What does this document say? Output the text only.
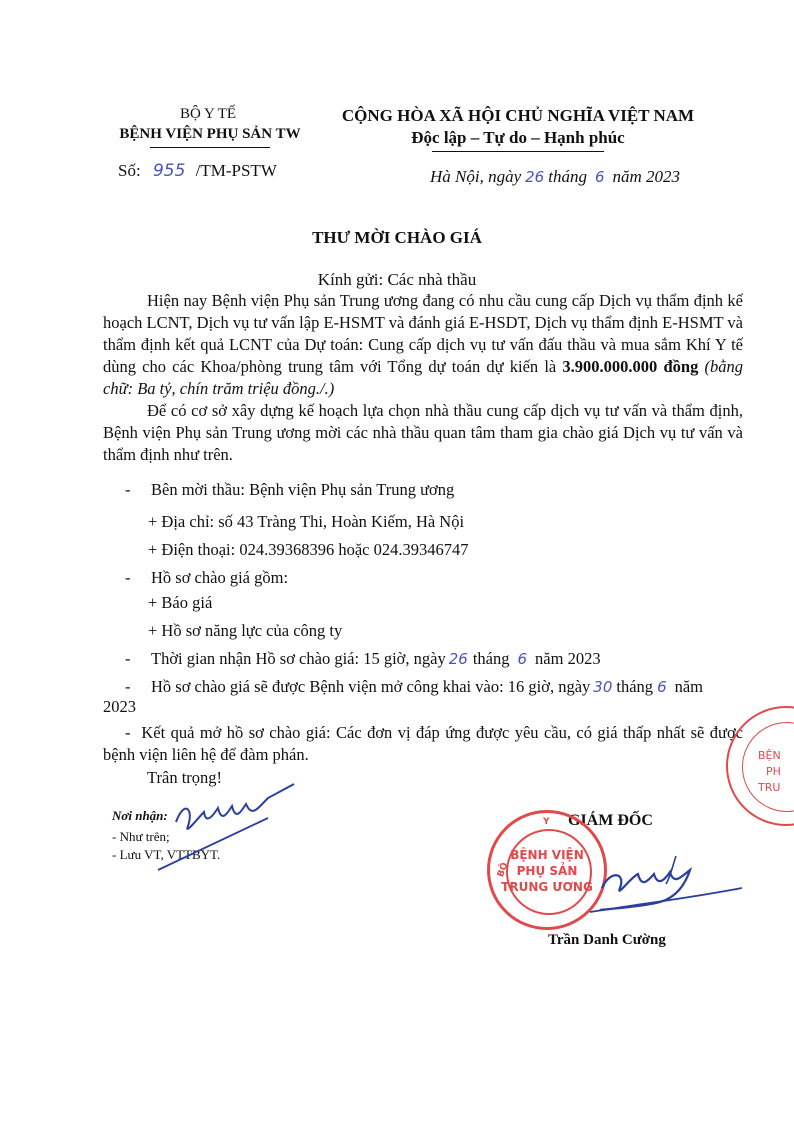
BỘ Y TẾ
BỆNH VIỆN PHỤ SẢN TW
Số: 955 /TM-PSTW
CỘNG HÒA XÃ HỘI CHỦ NGHĨA VIỆT NAM
Độc lập – Tự do – Hạnh phúc
Hà Nội, ngày 26 tháng 6 năm 2023
THƯ MỜI CHÀO GIÁ
Kính gửi: Các nhà thầu
Hiện nay Bệnh viện Phụ sản Trung ương đang có nhu cầu cung cấp Dịch vụ thẩm định kế hoạch LCNT, Dịch vụ tư vấn lập E-HSMT và đánh giá E-HSDT, Dịch vụ thẩm định E-HSMT và thẩm định kết quả LCNT của Dự toán: Cung cấp dịch vụ tư vấn đấu thầu và mua sắm Khí Y tế dùng cho các Khoa/phòng trung tâm với Tổng dự toán dự kiến là 3.900.000.000 đồng (bằng chữ: Ba tỷ, chín trăm triệu đồng./.)
Để có cơ sở xây dựng kế hoạch lựa chọn nhà thầu cung cấp dịch vụ tư vấn và thẩm định, Bệnh viện Phụ sản Trung ương mời các nhà thầu quan tâm tham gia chào giá Dịch vụ tư vấn và thẩm định như trên.
- Bên mời thầu: Bệnh viện Phụ sản Trung ương
+ Địa chỉ: số 43 Tràng Thi, Hoàn Kiếm, Hà Nội
+ Điện thoại: 024.39368396 hoặc 024.39346747
- Hồ sơ chào giá gồm:
+ Báo giá
+ Hồ sơ năng lực của công ty
- Thời gian nhận Hồ sơ chào giá: 15 giờ, ngày 26 tháng 6 năm 2023
- Hồ sơ chào giá sẽ được Bệnh viện mở công khai vào: 16 giờ, ngày 30 tháng 6 năm
2023
- Kết quả mở hồ sơ chào giá: Các đơn vị đáp ứng được yêu cầu, có giá thấp nhất sẽ được bệnh viện liên hệ để đàm phán.
Trân trọng!
Nơi nhận:
- Như trên;
- Lưu VT, VTTBYT.
GIÁM ĐỐC
Y
BỘ
BỆNH VIỆN
PHỤ SẢN
TRUNG ƯƠNG
Trần Danh Cường
BỆN
PH
TRU
